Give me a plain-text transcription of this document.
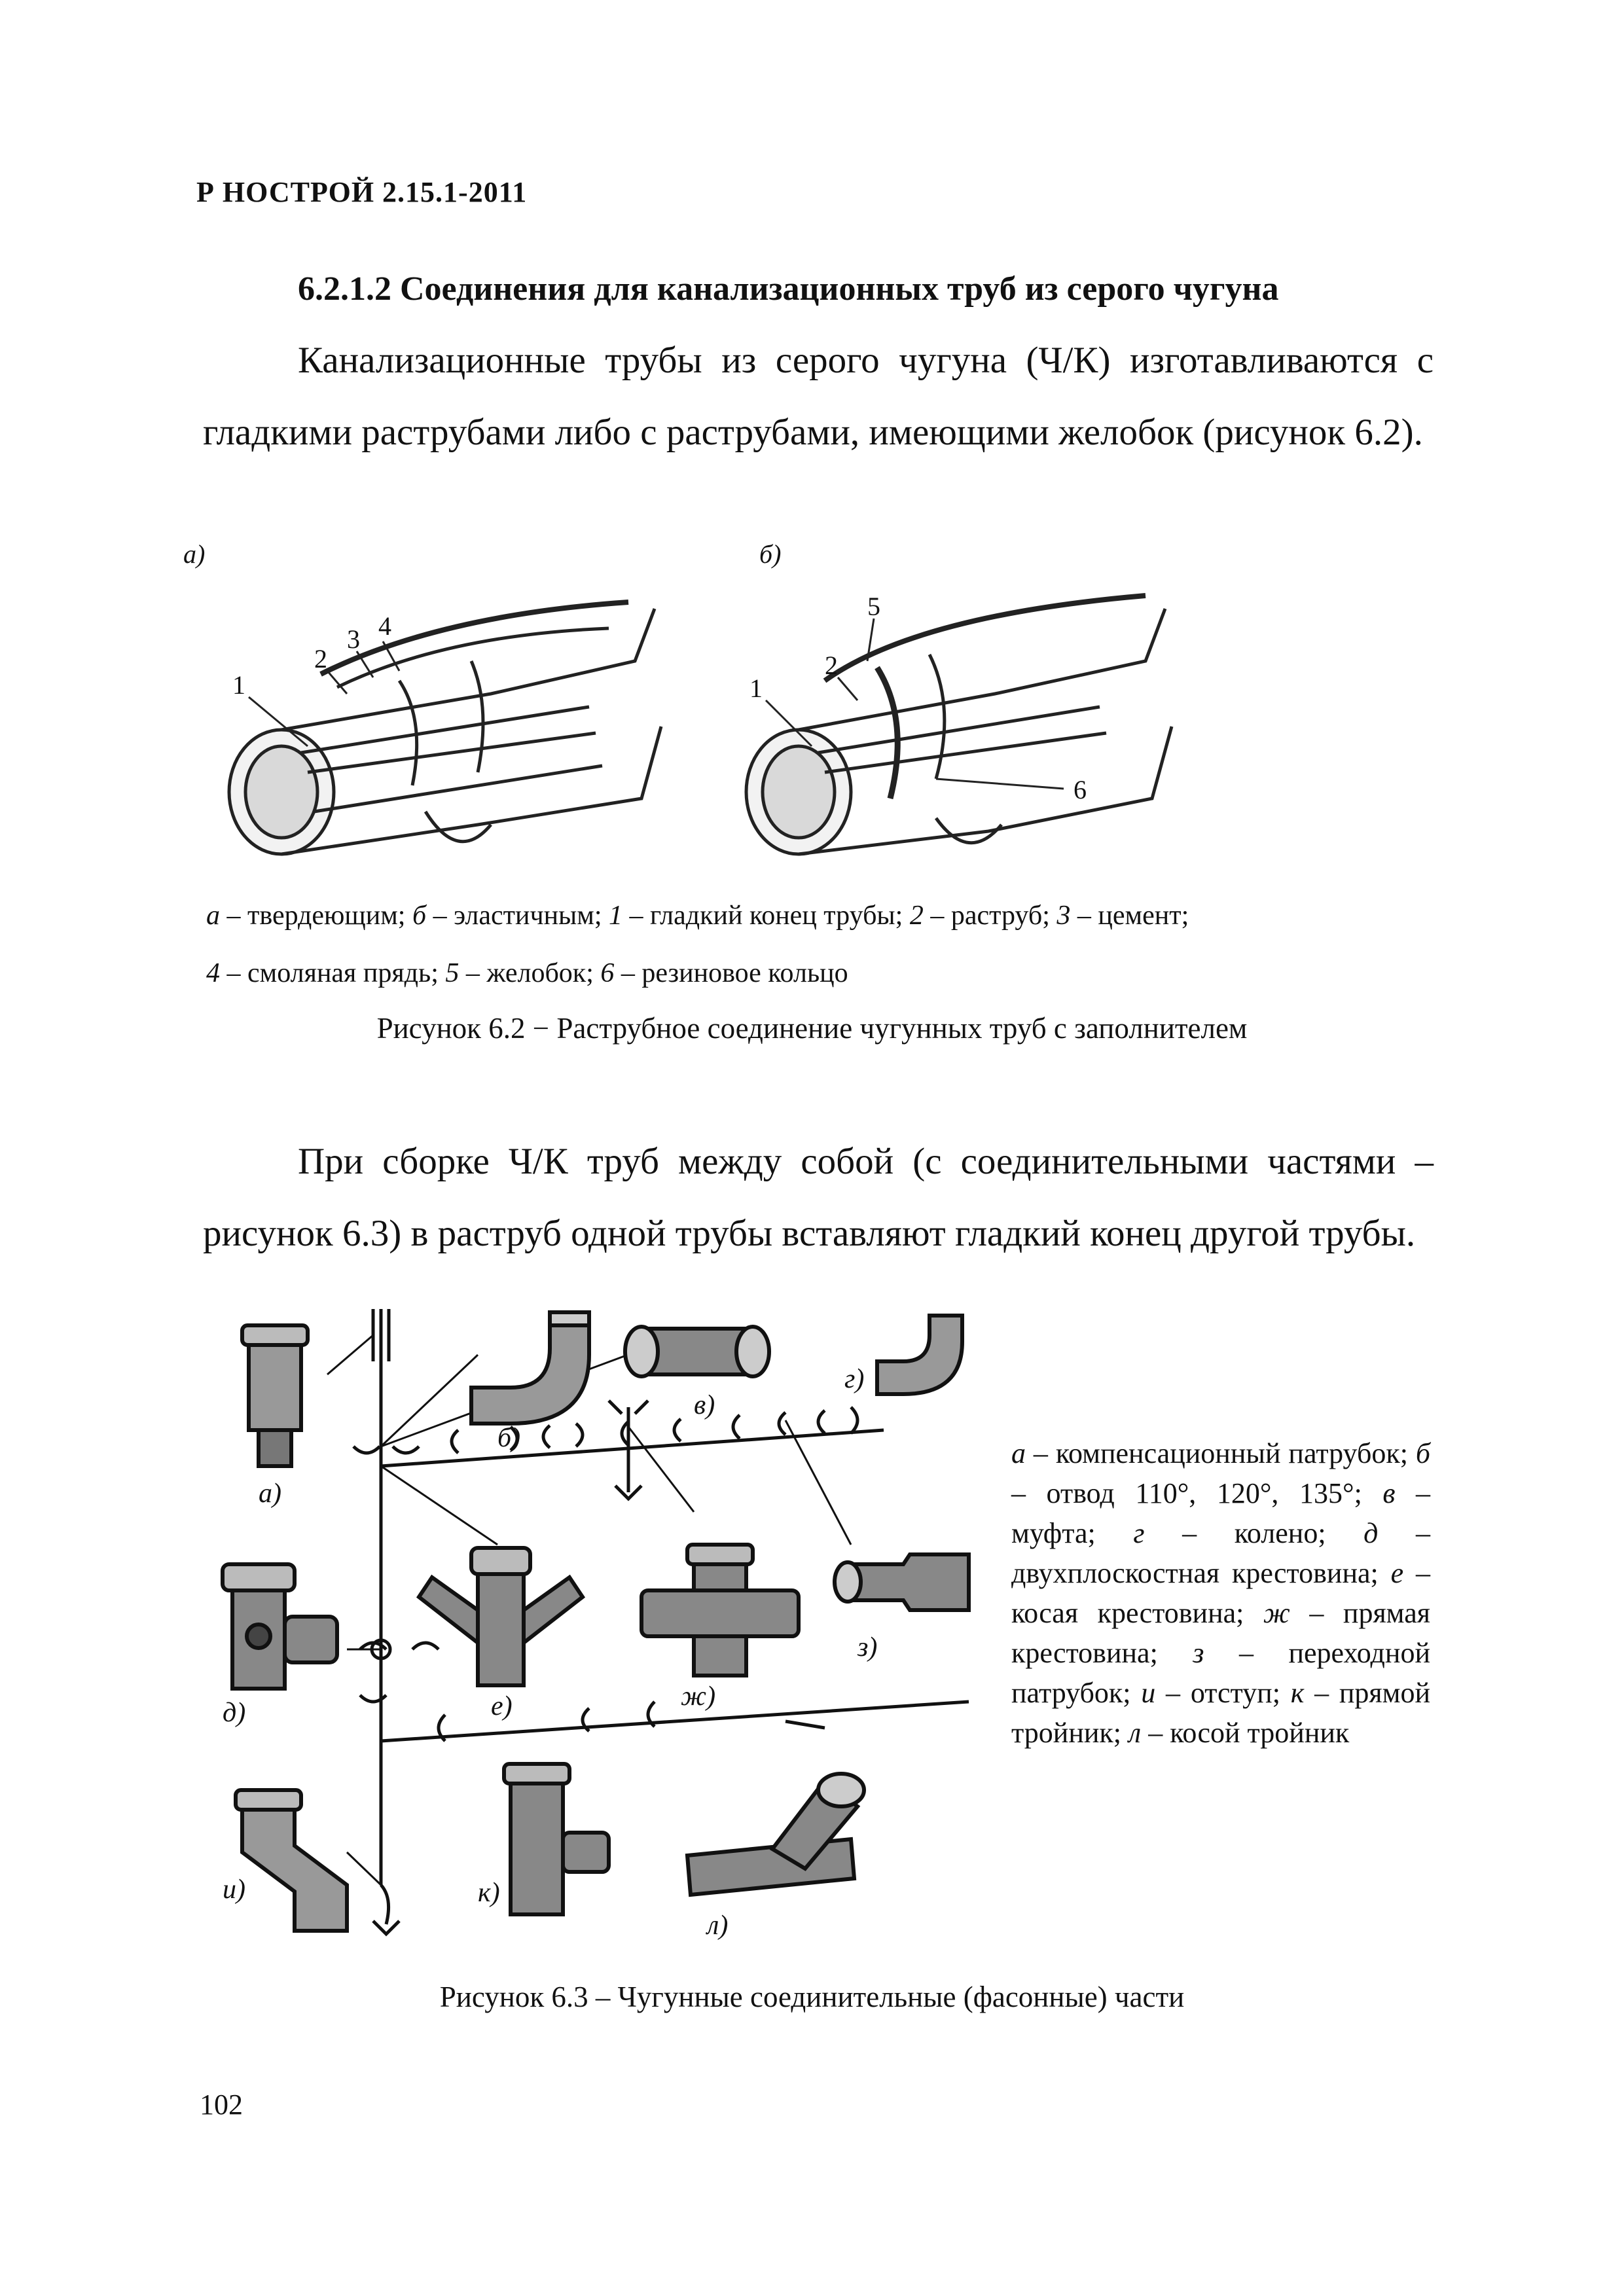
Р НОСТРОЙ 2.15.1-2011
6.2.1.2 Соединения для канализационных труб из серого чугуна
Канализационные трубы из серого чугуна (Ч/К) изготавливаются с гладкими раструбами либо с раструбами, имеющими желобок (рисунок 6.2).
а)	б)
1
2
3 4
1
2
5
6
а – твердеющим; б – эластичным; 1 – гладкий конец трубы; 2 – раструб; 3 – цемент;
4 – смоляная прядь; 5 – желобок; 6 – резиновое кольцо
Рисунок 6.2 − Раструбное соединение чугунных труб с заполнителем
При сборке Ч/К труб между собой (с соединительными частями – рисунок 6.3) в раструб одной трубы вставляют гладкий конец другой трубы.
а)
б)
в)
г)
д)	е)	ж)
з)
и)	к)
л)
а – компенсационный патрубок; б – отвод 110°, 120°, 135°; в – муфта; г – колено; д – двухплоскостная крестовина; е – косая крестовина; ж – прямая крестовина; з – переходной патрубок; и – отступ; к – прямой тройник; л – косой тройник
Рисунок 6.3 – Чугунные соединительные (фасонные) части
102
